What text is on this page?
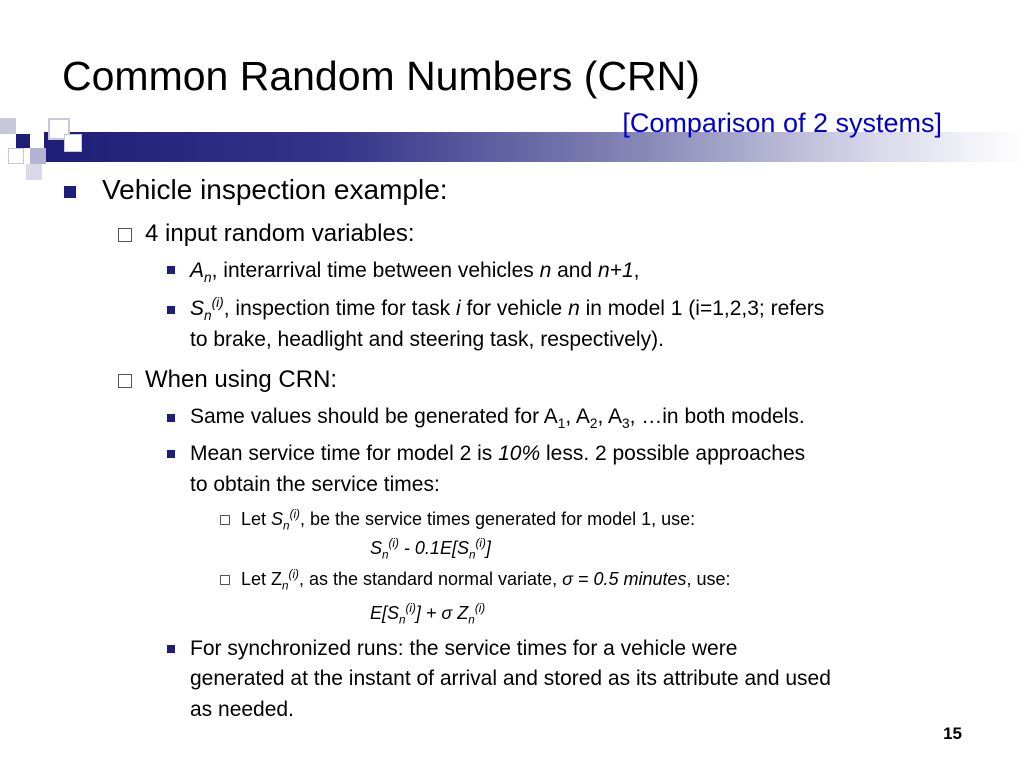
Common Random Numbers (CRN)
[Comparison of 2 systems]
Vehicle inspection example:
4 input random variables:
$A_n$, interarrival time between vehicles n and n+1,
$S_n^{(i)}$, inspection time for task i for vehicle n in model 1 (i=1,2,3; refers
to brake, headlight and steering task, respectively).
When using CRN:
Same values should be generated for $A_1$, $A_2$, $A_3$, …in both models.
Mean service time for model 2 is 10% less. 2 possible approaches
to obtain the service times:
Let $S_n^{(i)}$, be the service times generated for model 1, use:
$S_n^{(i)} - 0.1E[S_n^{(i)}]$
Let $Z_n^{(i)}$, as the standard normal variate, σ = 0.5 minutes, use:
$E[S_n^{(i)}] + \sigma$ $Z_n^{(i)}$
For synchronized runs: the service times for a vehicle were
generated at the instant of arrival and stored as its attribute and used
as needed.
15
